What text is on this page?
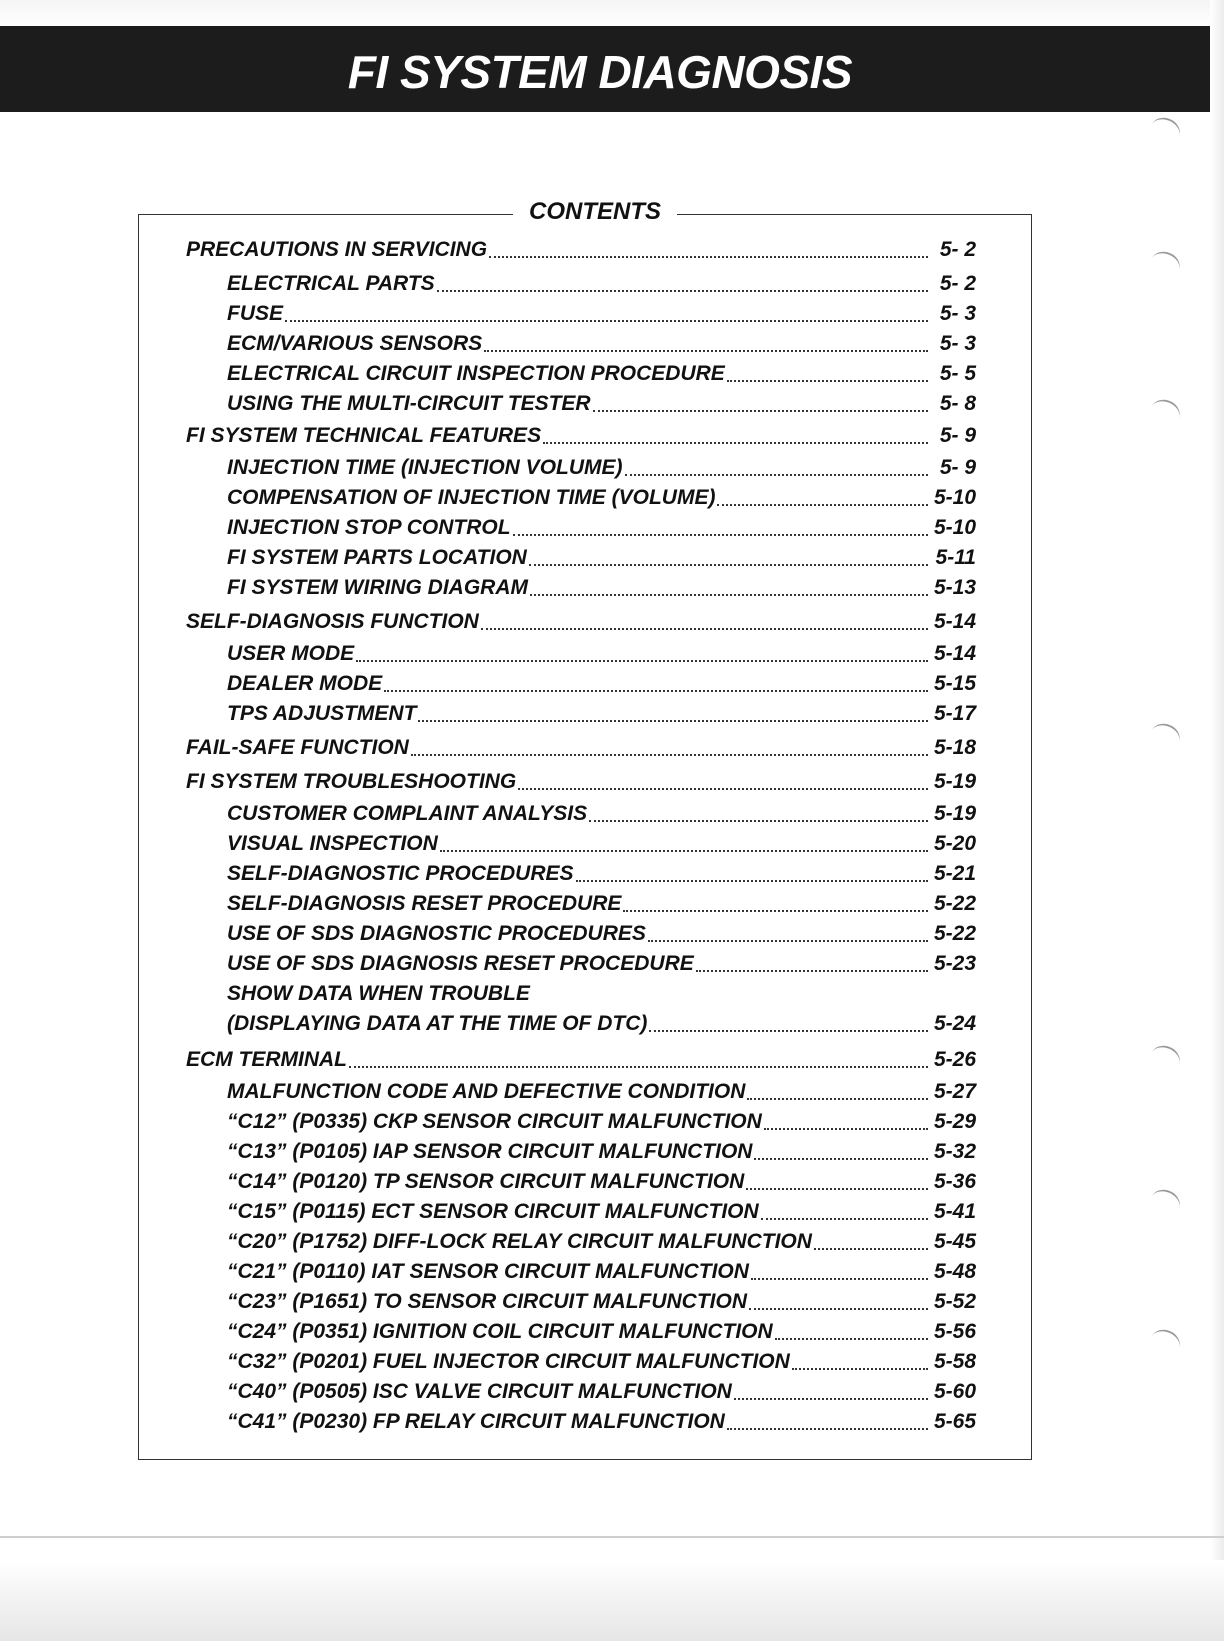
FI SYSTEM DIAGNOSIS
CONTENTS
PRECAUTIONS IN SERVICING	5- 2
ELECTRICAL PARTS	5- 2
FUSE	5- 3
ECM/VARIOUS SENSORS	5- 3
ELECTRICAL CIRCUIT INSPECTION PROCEDURE	5- 5
USING THE MULTI-CIRCUIT TESTER	5- 8
FI SYSTEM TECHNICAL FEATURES	5- 9
INJECTION TIME (INJECTION VOLUME)	5- 9
COMPENSATION OF INJECTION TIME (VOLUME)	5-10
INJECTION STOP CONTROL	5-10
FI SYSTEM PARTS LOCATION	5-11
FI SYSTEM WIRING DIAGRAM	5-13
SELF-DIAGNOSIS FUNCTION	5-14
USER MODE	5-14
DEALER MODE	5-15
TPS ADJUSTMENT	5-17
FAIL-SAFE FUNCTION	5-18
FI SYSTEM TROUBLESHOOTING	5-19
CUSTOMER COMPLAINT ANALYSIS	5-19
VISUAL INSPECTION	5-20
SELF-DIAGNOSTIC PROCEDURES	5-21
SELF-DIAGNOSIS RESET PROCEDURE	5-22
USE OF SDS DIAGNOSTIC PROCEDURES	5-22
USE OF SDS DIAGNOSIS RESET PROCEDURE	5-23
SHOW DATA WHEN TROUBLE
(DISPLAYING DATA AT THE TIME OF DTC)	5-24
ECM TERMINAL	5-26
MALFUNCTION CODE AND DEFECTIVE CONDITION	5-27
“C12” (P0335) CKP SENSOR CIRCUIT MALFUNCTION	5-29
“C13” (P0105) IAP SENSOR CIRCUIT MALFUNCTION	5-32
“C14” (P0120) TP SENSOR CIRCUIT MALFUNCTION	5-36
“C15” (P0115) ECT SENSOR CIRCUIT MALFUNCTION	5-41
“C20” (P1752) DIFF-LOCK RELAY CIRCUIT MALFUNCTION	5-45
“C21” (P0110) IAT SENSOR CIRCUIT MALFUNCTION	5-48
“C23” (P1651) TO SENSOR CIRCUIT MALFUNCTION	5-52
“C24” (P0351) IGNITION COIL CIRCUIT MALFUNCTION	5-56
“C32” (P0201) FUEL INJECTOR CIRCUIT MALFUNCTION	5-58
“C40” (P0505) ISC VALVE CIRCUIT MALFUNCTION	5-60
“C41” (P0230) FP RELAY CIRCUIT MALFUNCTION	5-65
